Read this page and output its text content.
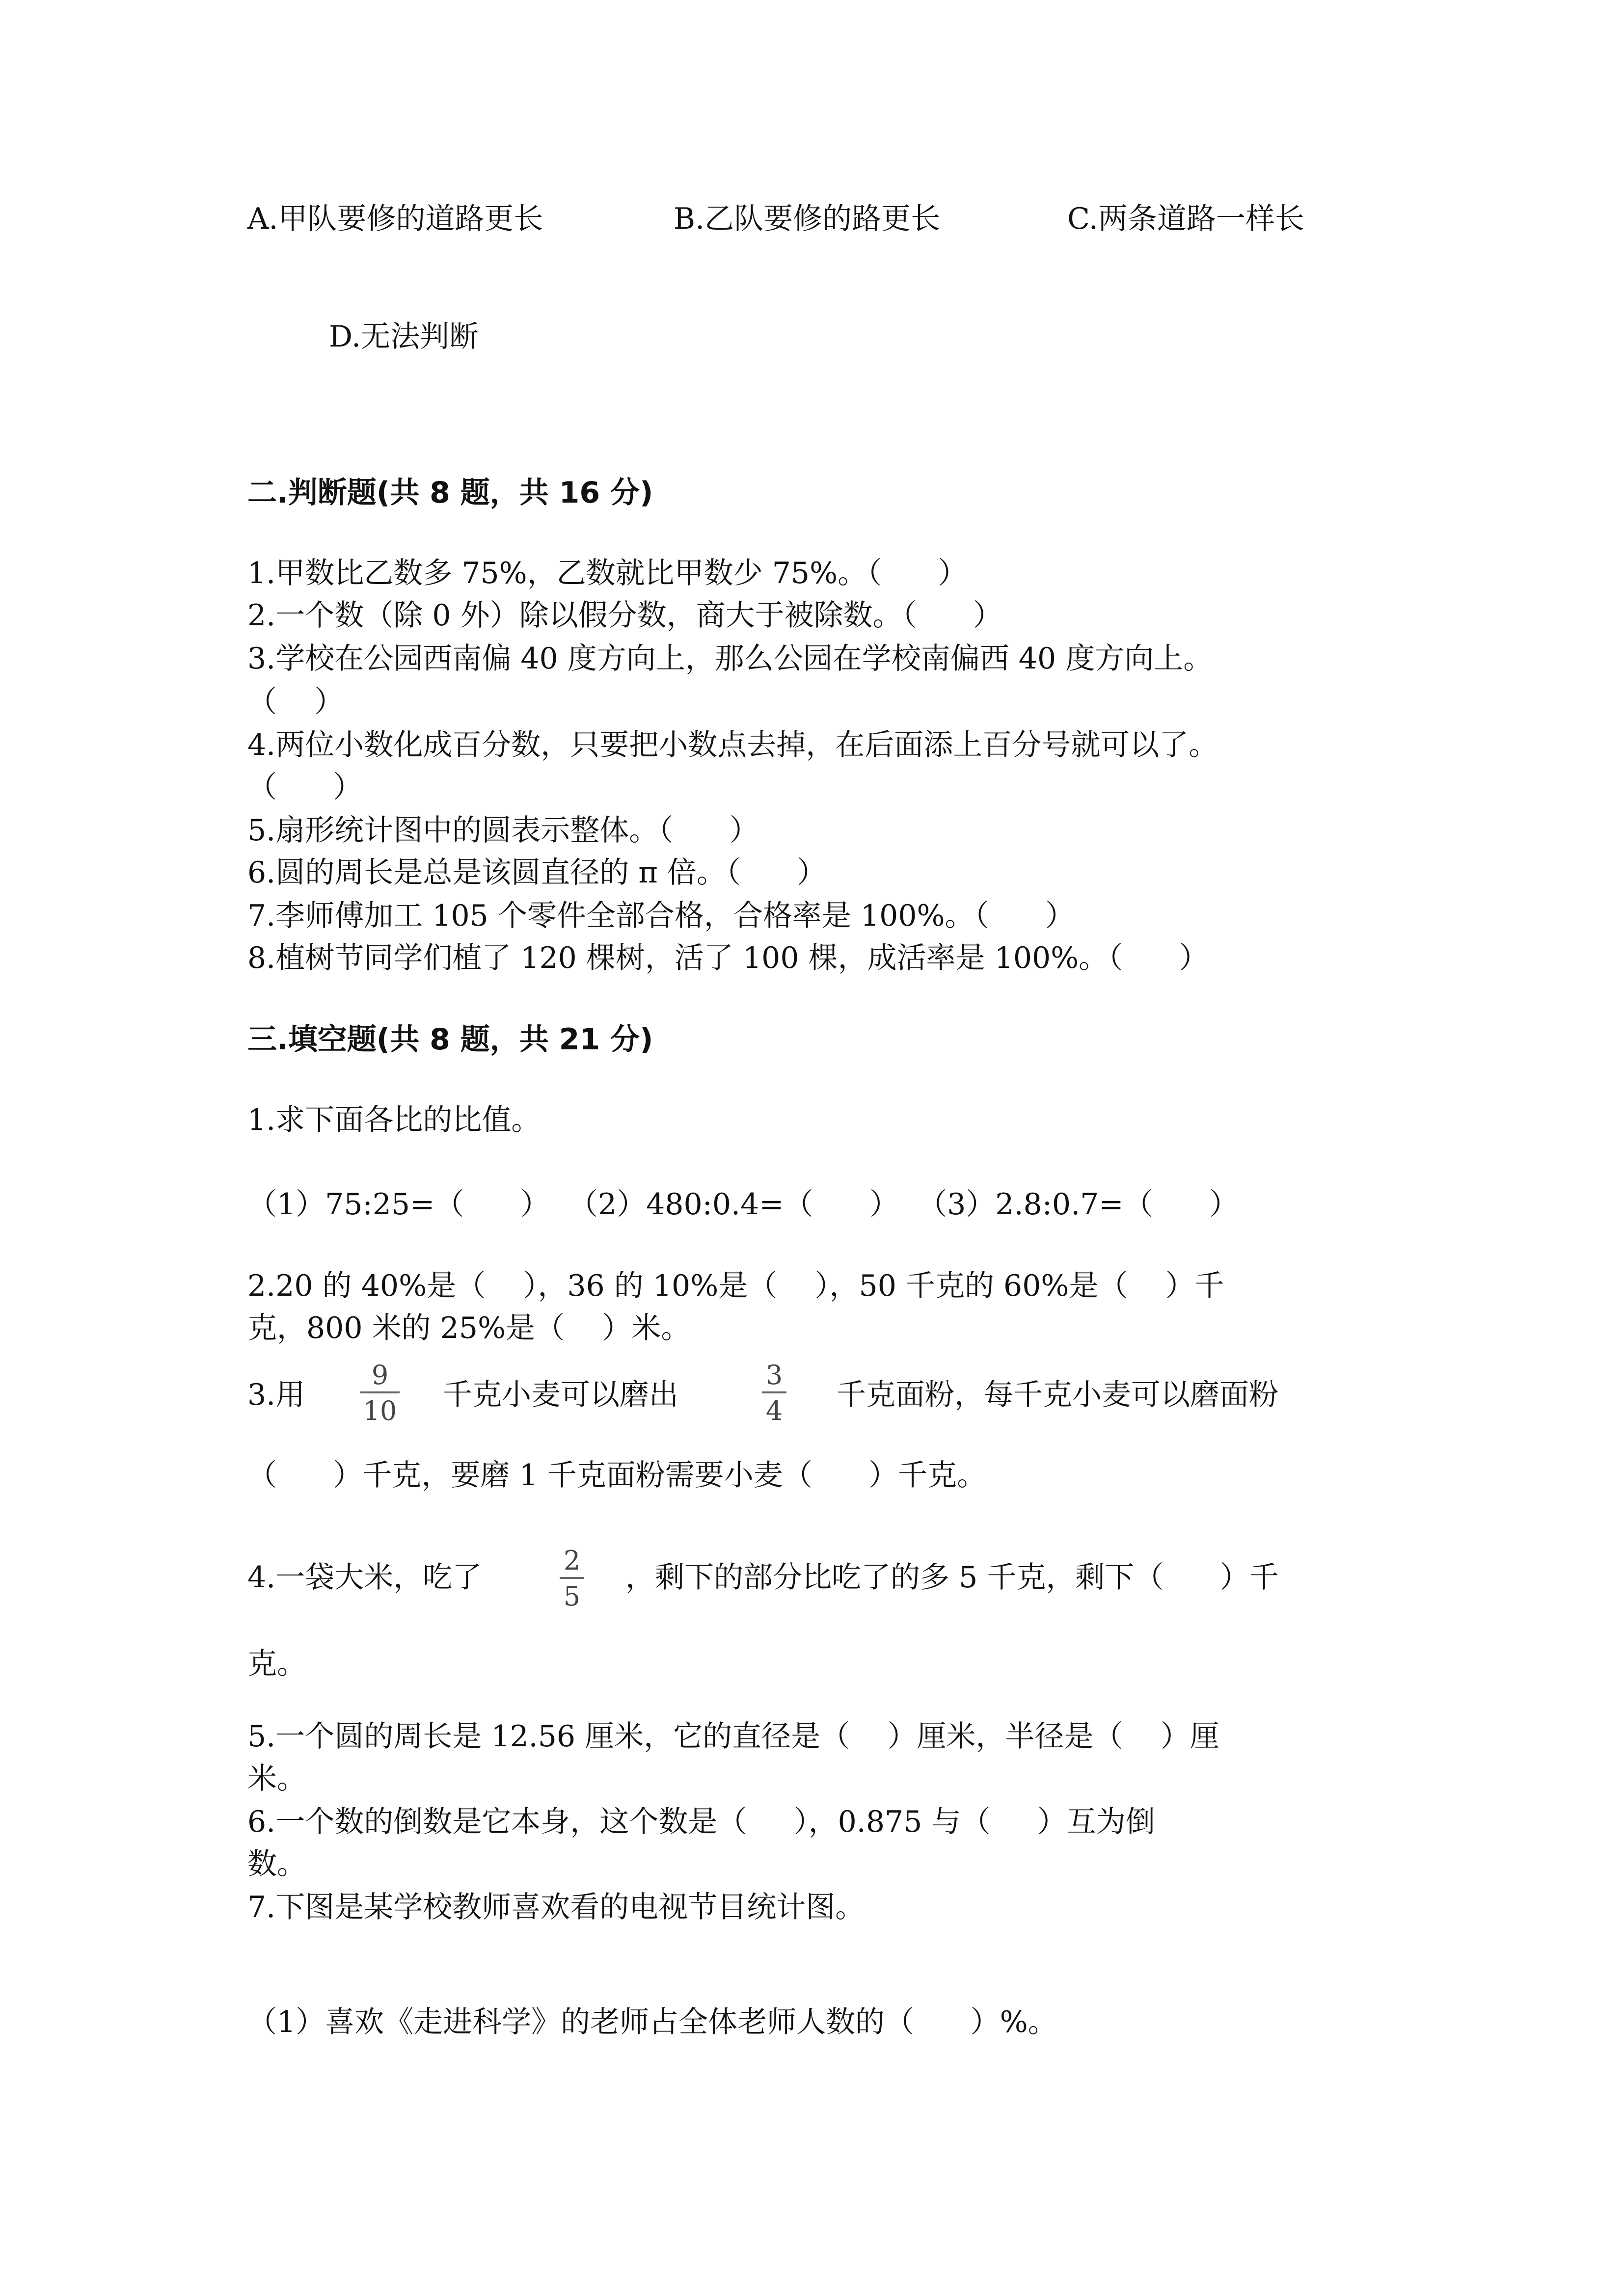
A.甲队要修的道路更长	B.乙队要修的路更长	C.两条道路一样长
D.无法判断
二.判断题(共 8 题，共 16 分)
1.甲数比乙数多 75%，乙数就比甲数少 75%。（      ）
2.一个数（除 0 外）除以假分数，商大于被除数。（      ）
3.学校在公园西南偏 40 度方向上，那么公园在学校南偏西 40 度方向上。
（    ）
4.两位小数化成百分数，只要把小数点去掉，在后面添上百分号就可以了。
（      ）
5.扇形统计图中的圆表示整体。（      ）
6.圆的周长是总是该圆直径的 π 倍。（      ）
7.李师傅加工 105 个零件全部合格，合格率是 100%。（      ）
8.植树节同学们植了 120 棵树，活了 100 棵，成活率是 100%。（      ）
三.填空题(共 8 题，共 21 分)
1.求下面各比的比值。
（1）75:25=（      ）  （2）480:0.4=（      ）  （3）2.8:0.7=（      ）
2.20 的 40%是（    ），36 的 10%是（    ），50 千克的 60%是（    ）千
克，800 米的 25%是（    ）米。
3.用
9
10 千克小麦可以磨出
3
4 千克面粉，每千克小麦可以磨面粉
（      ）千克，要磨 1 千克面粉需要小麦（      ）千克。
4.一袋大米，吃了	2
5
，剩下的部分比吃了的多 5 千克，剩下（      ）千
克。
5.一个圆的周长是 12.56 厘米，它的直径是（    ）厘米，半径是（    ）厘
米。
6.一个数的倒数是它本身，这个数是（     ），0.875 与（     ）互为倒
数。
7.下图是某学校教师喜欢看的电视节目统计图。
（1）喜欢《走进科学》的老师占全体老师人数的（      ）%。
